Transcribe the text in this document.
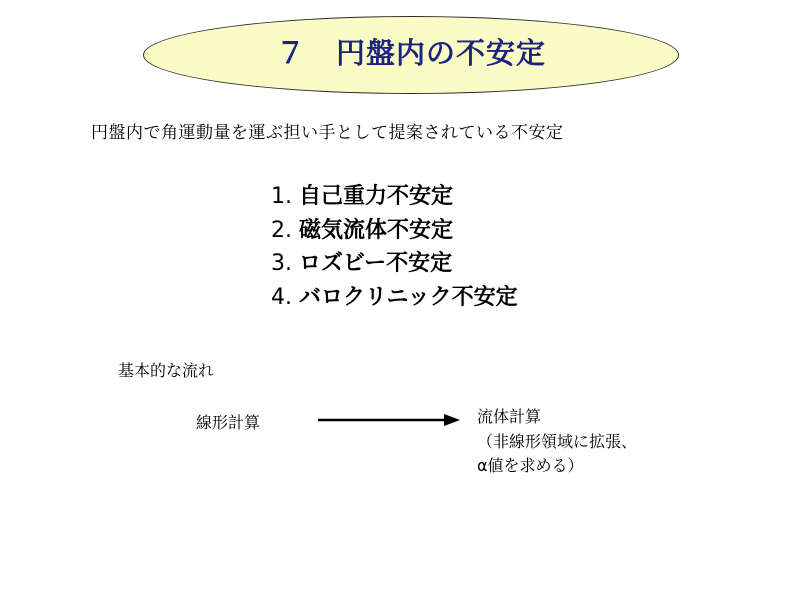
７　円盤内の不安定
円盤内で角運動量を運ぶ担い手として提案されている不安定
1. 自己重力不安定
2. 磁気流体不安定
3. ロズビー不安定
4. バロクリニック不安定
基本的な流れ
線形計算	流体計算
（非線形領域に拡張、
α値を求める）
